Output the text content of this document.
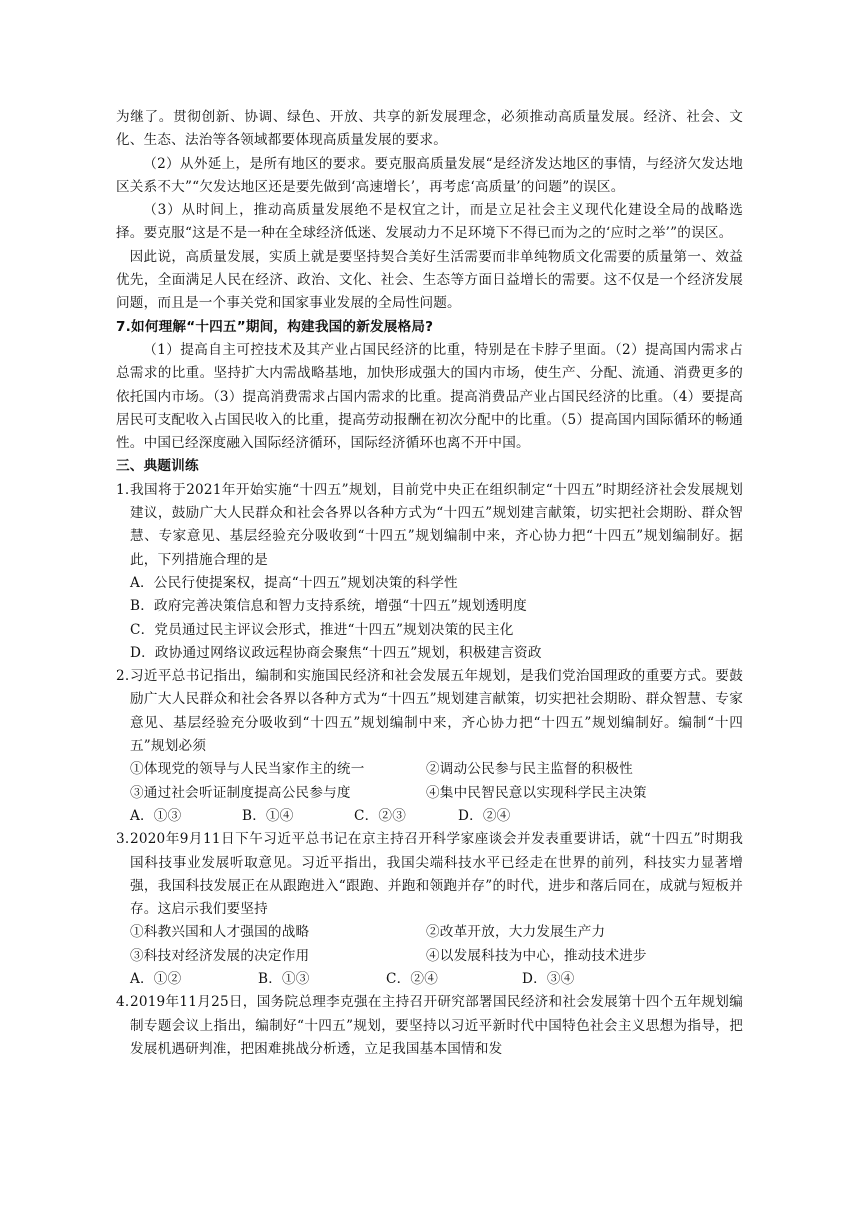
为继了。贯彻创新、协调、绿色、开放、共享的新发展理念，必须推动高质量发展。经济、社会、文化、生态、法治等各领域都要体现高质量发展的要求。

（2）从外延上，是所有地区的要求。要克服高质量发展“是经济发达地区的事情，与经济欠发达地区关系不大”“欠发达地区还是要先做到‘高速增长’，再考虑‘高质量’的问题”的误区。

（3）从时间上，推动高质量发展绝不是权宜之计，而是立足社会主义现代化建设全局的战略选择。要克服“这是不是一种在全球经济低迷、发展动力不足环境下不得已而为之的‘应时之举’”的误区。

因此说，高质量发展，实质上就是要坚持契合美好生活需要而非单纯物质文化需要的质量第一、效益优先，全面满足人民在经济、政治、文化、社会、生态等方面日益增长的需要。这不仅是一个经济发展问题，而且是一个事关党和国家事业发展的全局性问题。

7.如何理解“十四五”期间，构建我国的新发展格局?

（1）提高自主可控技术及其产业占国民经济的比重，特别是在卡脖子里面。（2）提高国内需求占总需求的比重。坚持扩大内需战略基地，加快形成强大的国内市场，使生产、分配、流通、消费更多的依托国内市场。（3）提高消费需求占国内需求的比重。提高消费品产业占国民经济的比重。（4）要提高居民可支配收入占国民收入的比重，提高劳动报酬在初次分配中的比重。（5）提高国内国际循环的畅通性。中国已经深度融入国际经济循环，国际经济循环也离不开中国。

三、典题训练

1. 我国将于2021年开始实施“十四五”规划，目前党中央正在组织制定“十四五”时期经济社会发展规划建议，鼓励广大人民群众和社会各界以各种方式为“十四五”规划建言献策，切实把社会期盼、群众智慧、专家意见、基层经验充分吸收到“十四五”规划编制中来，齐心协力把“十四五”规划编制好。据此，下列措施合理的是

A．公民行使提案权，提高“十四五”规划决策的科学性

B．政府完善决策信息和智力支持系统，增强“十四五”规划透明度

C．党员通过民主评议会形式，推进“十四五”规划决策的民主化

D．政协通过网络议政远程协商会聚焦“十四五”规划，积极建言资政

2. 习近平总书记指出，编制和实施国民经济和社会发展五年规划，是我们党治国理政的重要方式。要鼓励广大人民群众和社会各界以各种方式为“十四五”规划建言献策，切实把社会期盼、群众智慧、专家意见、基层经验充分吸收到“十四五”规划编制中来，齐心协力把“十四五”规划编制好。编制“十四五”规划必须
①体现党的领导与人民当家作主的统一	②调动公民参与民主监督的积极性
③通过社会听证制度提高公民参与度	④集中民智民意以实现科学民主决策
A．①③	B．①④	C．②③	D．②④
3. 2020年9月11日下午习近平总书记在京主持召开科学家座谈会并发表重要讲话，就“十四五”时期我国科技事业发展听取意见。习近平指出，我国尖端科技水平已经走在世界的前列，科技实力显著增强，我国科技发展正在从跟跑进入“跟跑、并跑和领跑并存”的时代，进步和落后同在，成就与短板并存。这启示我们要坚持
①科教兴国和人才强国的战略	②改革开放，大力发展生产力
③科技对经济发展的决定作用	④以发展科技为中心，推动技术进步
A．①②	B．①③	C．②④	D．③④
4. 2019年11月25日，国务院总理李克强在主持召开研究部署国民经济和社会发展第十四个五年规划编制专题会议上指出，编制好“十四五”规划，要坚持以习近平新时代中国特色社会主义思想为指导，把发展机遇研判准，把困难挑战分析透，立足我国基本国情和发
